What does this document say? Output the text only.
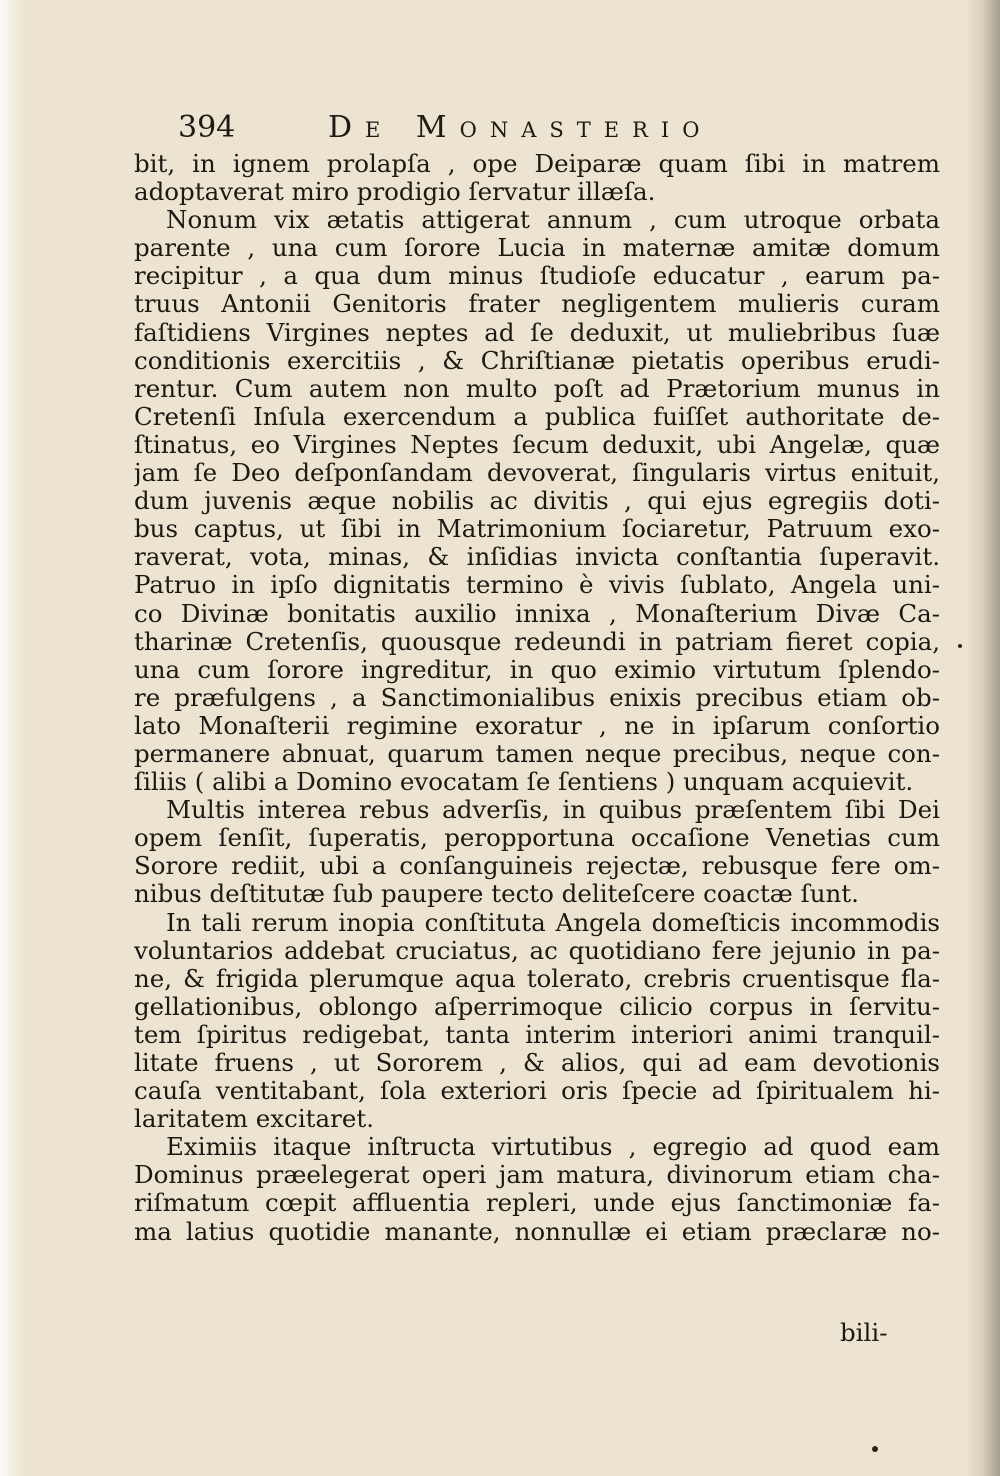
394	De Monasterio
bit, in ignem prolapſa , ope Deiparæ quam ſibi in matrem
adoptaverat miro prodigio ſervatur illæſa.
Nonum vix ætatis attigerat annum , cum utroque orbata
parente , una cum ſorore Lucia in maternæ amitæ domum
recipitur , a qua dum minus ſtudioſe educatur , earum pa-
truus Antonii Genitoris frater negligentem mulieris curam
faſtidiens Virgines neptes ad ſe deduxit, ut muliebribus ſuæ
conditionis exercitiis , & Chriſtianæ pietatis operibus erudi-
rentur. Cum autem non multo poſt ad Prætorium munus in
Cretenſi Inſula exercendum a publica fuiſſet authoritate de-
ſtinatus, eo Virgines Neptes ſecum deduxit, ubi Angelæ, quæ
jam ſe Deo deſponſandam devoverat, ſingularis virtus enituit,
dum juvenis æque nobilis ac divitis , qui ejus egregiis doti-
bus captus, ut ſibi in Matrimonium ſociaretur, Patruum exo-
raverat, vota, minas, & inſidias invicta conſtantia ſuperavit.
Patruo in ipſo dignitatis termino è vivis ſublato, Angela uni-
co Divinæ bonitatis auxilio innixa , Monaſterium Divæ Ca-
tharinæ Cretenſis, quousque redeundi in patriam fieret copia,
una cum ſorore ingreditur, in quo eximio virtutum ſplendo-
re præfulgens , a Sanctimonialibus enixis precibus etiam ob-
lato Monaſterii regimine exoratur , ne in ipſarum conſortio
permanere abnuat, quarum tamen neque precibus, neque con-
ſiliis ( alibi a Domino evocatam ſe ſentiens ) unquam acquievit.
Multis interea rebus adverſis, in quibus præſentem ſibi Dei
opem ſenſit, ſuperatis, peropportuna occaſione Venetias cum
Sorore rediit, ubi a conſanguineis rejectæ, rebusque fere om-
nibus deſtitutæ ſub paupere tecto deliteſcere coactæ ſunt.
In tali rerum inopia conſtituta Angela domeſticis incommodis
voluntarios addebat cruciatus, ac quotidiano fere jejunio in pa-
ne, & frigida plerumque aqua tolerato, crebris cruentisque fla-
gellationibus, oblongo aſperrimoque cilicio corpus in ſervitu-
tem ſpiritus redigebat, tanta interim interiori animi tranquil-
litate fruens , ut Sororem , & alios, qui ad eam devotionis
cauſa ventitabant, ſola exteriori oris ſpecie ad ſpiritualem hi-
laritatem excitaret.
Eximiis itaque inſtructa virtutibus , egregio ad quod eam
Dominus præelegerat operi jam matura, divinorum etiam cha-
riſmatum cœpit affluentia repleri, unde ejus ſanctimoniæ fa-
ma latius quotidie manante, nonnullæ ei etiam præclaræ no-
bili-
